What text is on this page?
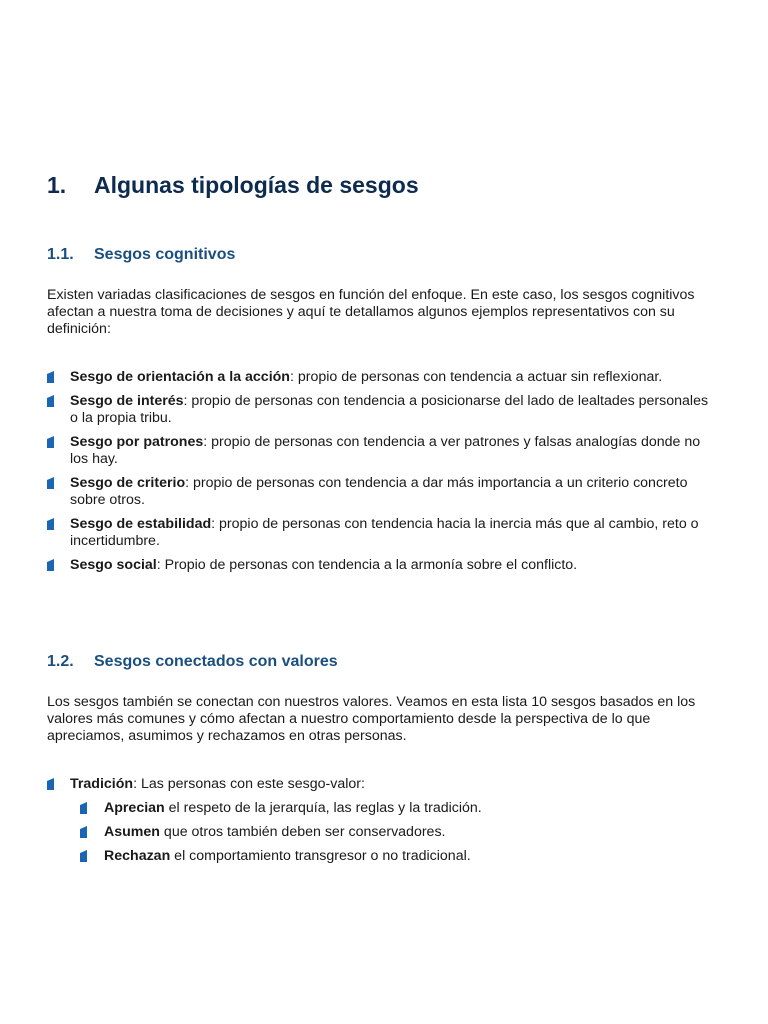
1. Algunas tipologías de sesgos
1.1. Sesgos cognitivos
Existen variadas clasificaciones de sesgos en función del enfoque. En este caso, los sesgos cognitivos afectan a nuestra toma de decisiones y aquí te detallamos algunos ejemplos representativos con su definición:
Sesgo de orientación a la acción: propio de personas con tendencia a actuar sin reflexionar.
Sesgo de interés: propio de personas con tendencia a posicionarse del lado de lealtades personales o la propia tribu.
Sesgo por patrones: propio de personas con tendencia a ver patrones y falsas analogías donde no los hay.
Sesgo de criterio: propio de personas con tendencia a dar más importancia a un criterio concreto sobre otros.
Sesgo de estabilidad: propio de personas con tendencia hacia la inercia más que al cambio, reto o incertidumbre.
Sesgo social: Propio de personas con tendencia a la armonía sobre el conflicto.
1.2. Sesgos conectados con valores
Los sesgos también se conectan con nuestros valores. Veamos en esta lista 10 sesgos basados en los valores más comunes y cómo afectan a nuestro comportamiento desde la perspectiva de lo que apreciamos, asumimos y rechazamos en otras personas.
Tradición: Las personas con este sesgo-valor:
Aprecian el respeto de la jerarquía, las reglas y la tradición.
Asumen que otros también deben ser conservadores.
Rechazan el comportamiento transgresor o no tradicional.
